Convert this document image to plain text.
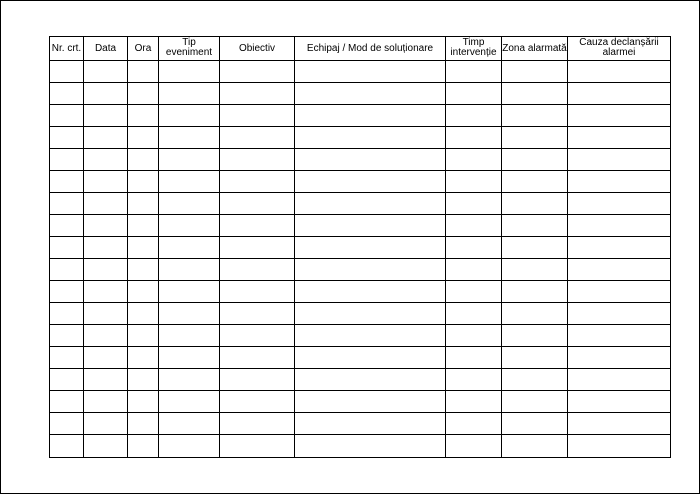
Nr. crt.	Data	Ora	Tip eveniment	Obiectiv	Echipaj / Mod de soluționare	Timp intervenție	Zona alarmată	Cauza declanșării alarmei
